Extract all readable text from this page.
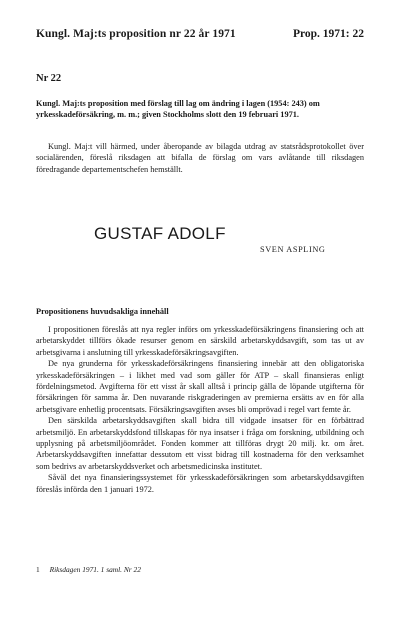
Kungl. Maj:ts proposition nr 22 år 1971	Prop. 1971: 22
Nr 22
Kungl. Maj:ts proposition med förslag till lag om ändring i lagen (1954: 243) om yrkesskadeförsäkring, m. m.; given Stockholms slott den 19 februari 1971.

Kungl. Maj:t vill härmed, under åberopande av bilagda utdrag av statsrådsprotokollet över socialärenden, föreslå riksdagen att bifalla de förslag om vars avlåtande till riksdagen föredragande departementschefen hemställt.

GUSTAF ADOLF
SVEN ASPLING
Propositionens huvudsakliga innehåll

I propositionen föreslås att nya regler införs om yrkesskadeförsäkringens finansiering och att arbetarskyddet tillförs ökade resurser genom en särskild arbetarskyddsavgift, som tas ut av arbetsgivarna i anslutning till yrkesskadeförsäkringsavgiften.

De nya grunderna för yrkesskadeförsäkringens finansiering innebär att den obligatoriska yrkesskadeförsäkringen – i likhet med vad som gäller för ATP – skall finansieras enligt fördelningsmetod. Avgifterna för ett visst år skall alltså i princip gälla de löpande utgifterna för försäkringen för samma år. Den nuvarande riskgraderingen av premierna ersätts av en för alla arbetsgivare enhetlig procentsats. Försäkringsavgiften avses bli omprövad i regel vart femte år.

Den särskilda arbetarskyddsavgiften skall bidra till vidgade insatser för en förbättrad arbetsmiljö. En arbetarskyddsfond tillskapas för nya insatser i fråga om forskning, utbildning och upplysning på arbetsmiljöområdet. Fonden kommer att tillföras drygt 20 milj. kr. om året. Arbetarskyddsavgiften innefattar dessutom ett visst bidrag till kostnaderna för den verksamhet som bedrivs av arbetarskyddsverket och arbetsmedicinska institutet.

Såväl det nya finansieringssystemet för yrkesskadeförsäkringen som arbetarskyddsavgiften föreslås införda den 1 januari 1972.

1 Riksdagen 1971. 1 saml. Nr 22
